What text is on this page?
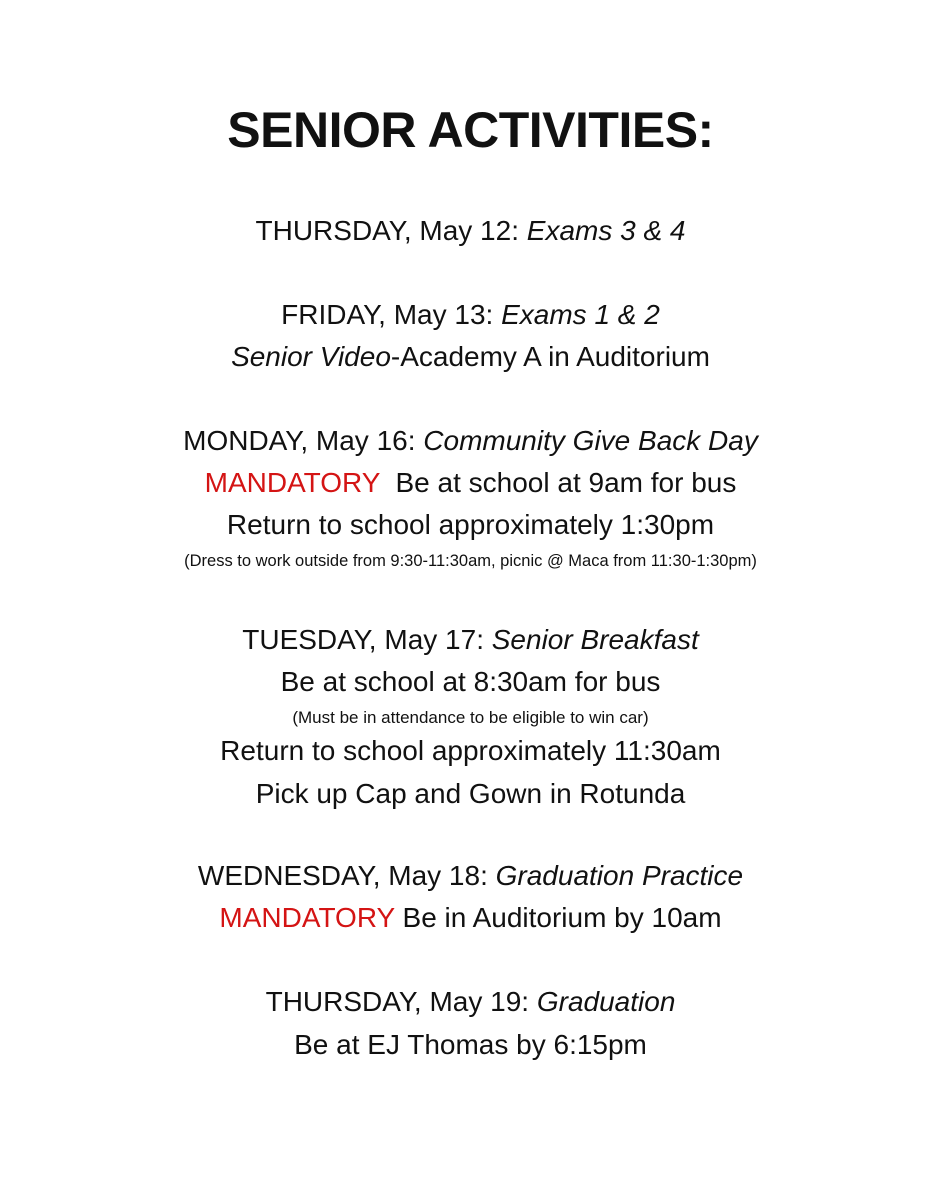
SENIOR ACTIVITIES:
THURSDAY, May 12: Exams 3 & 4
FRIDAY, May 13: Exams 1 & 2
Senior Video-Academy A in Auditorium
MONDAY, May 16: Community Give Back Day
MANDATORY  Be at school at 9am for bus
Return to school approximately 1:30pm
(Dress to work outside from 9:30-11:30am, picnic @ Maca from 11:30-1:30pm)
TUESDAY, May 17: Senior Breakfast
Be at school at 8:30am for bus
(Must be in attendance to be eligible to win car)
Return to school approximately 11:30am
Pick up Cap and Gown in Rotunda
WEDNESDAY, May 18: Graduation Practice
MANDATORY Be in Auditorium by 10am
THURSDAY, May 19: Graduation
Be at EJ Thomas by 6:15pm
